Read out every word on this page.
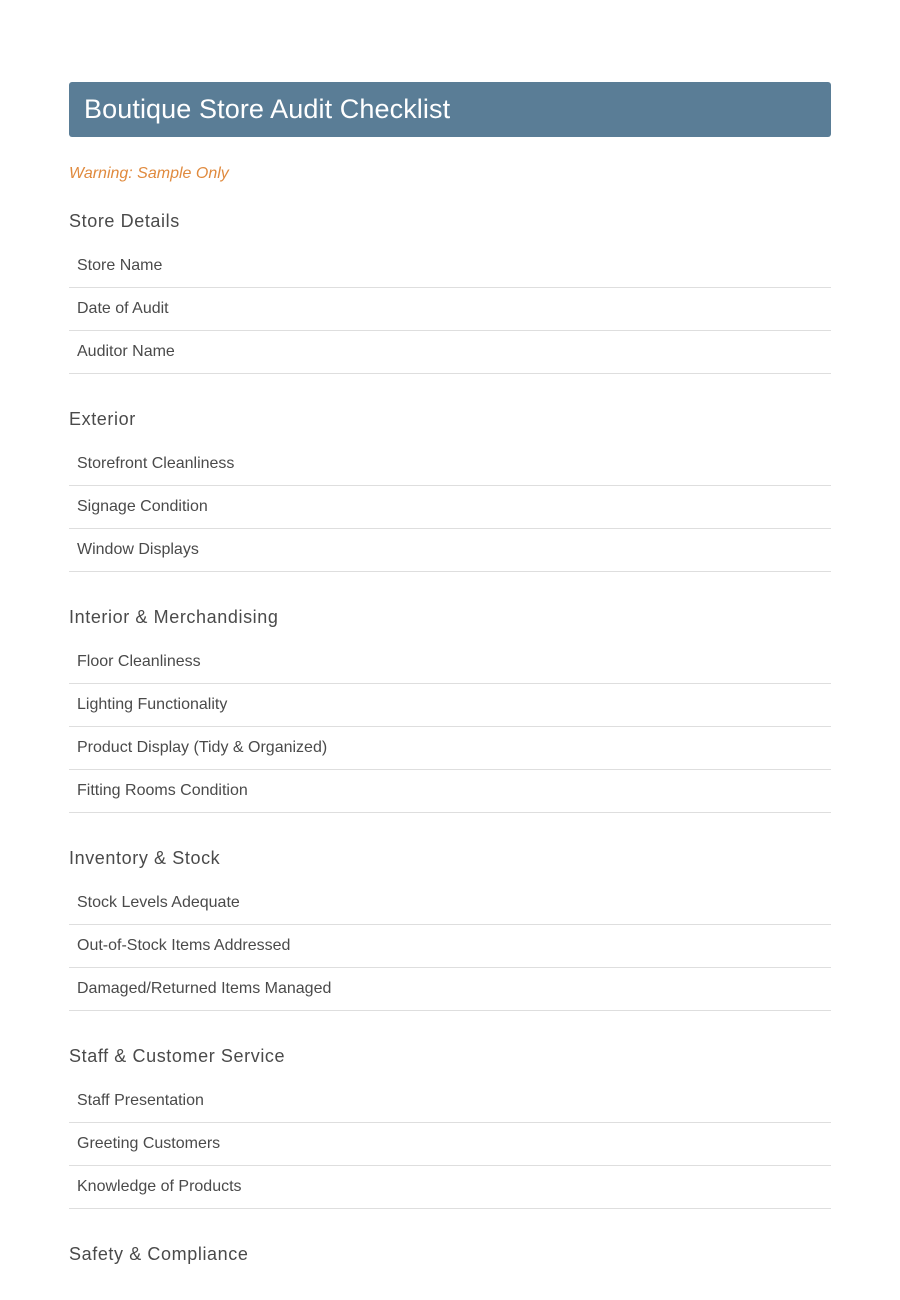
Boutique Store Audit Checklist
Warning: Sample Only
Store Details
Store Name
Date of Audit
Auditor Name
Exterior
Storefront Cleanliness
Signage Condition
Window Displays
Interior & Merchandising
Floor Cleanliness
Lighting Functionality
Product Display (Tidy & Organized)
Fitting Rooms Condition
Inventory & Stock
Stock Levels Adequate
Out-of-Stock Items Addressed
Damaged/Returned Items Managed
Staff & Customer Service
Staff Presentation
Greeting Customers
Knowledge of Products
Safety & Compliance
